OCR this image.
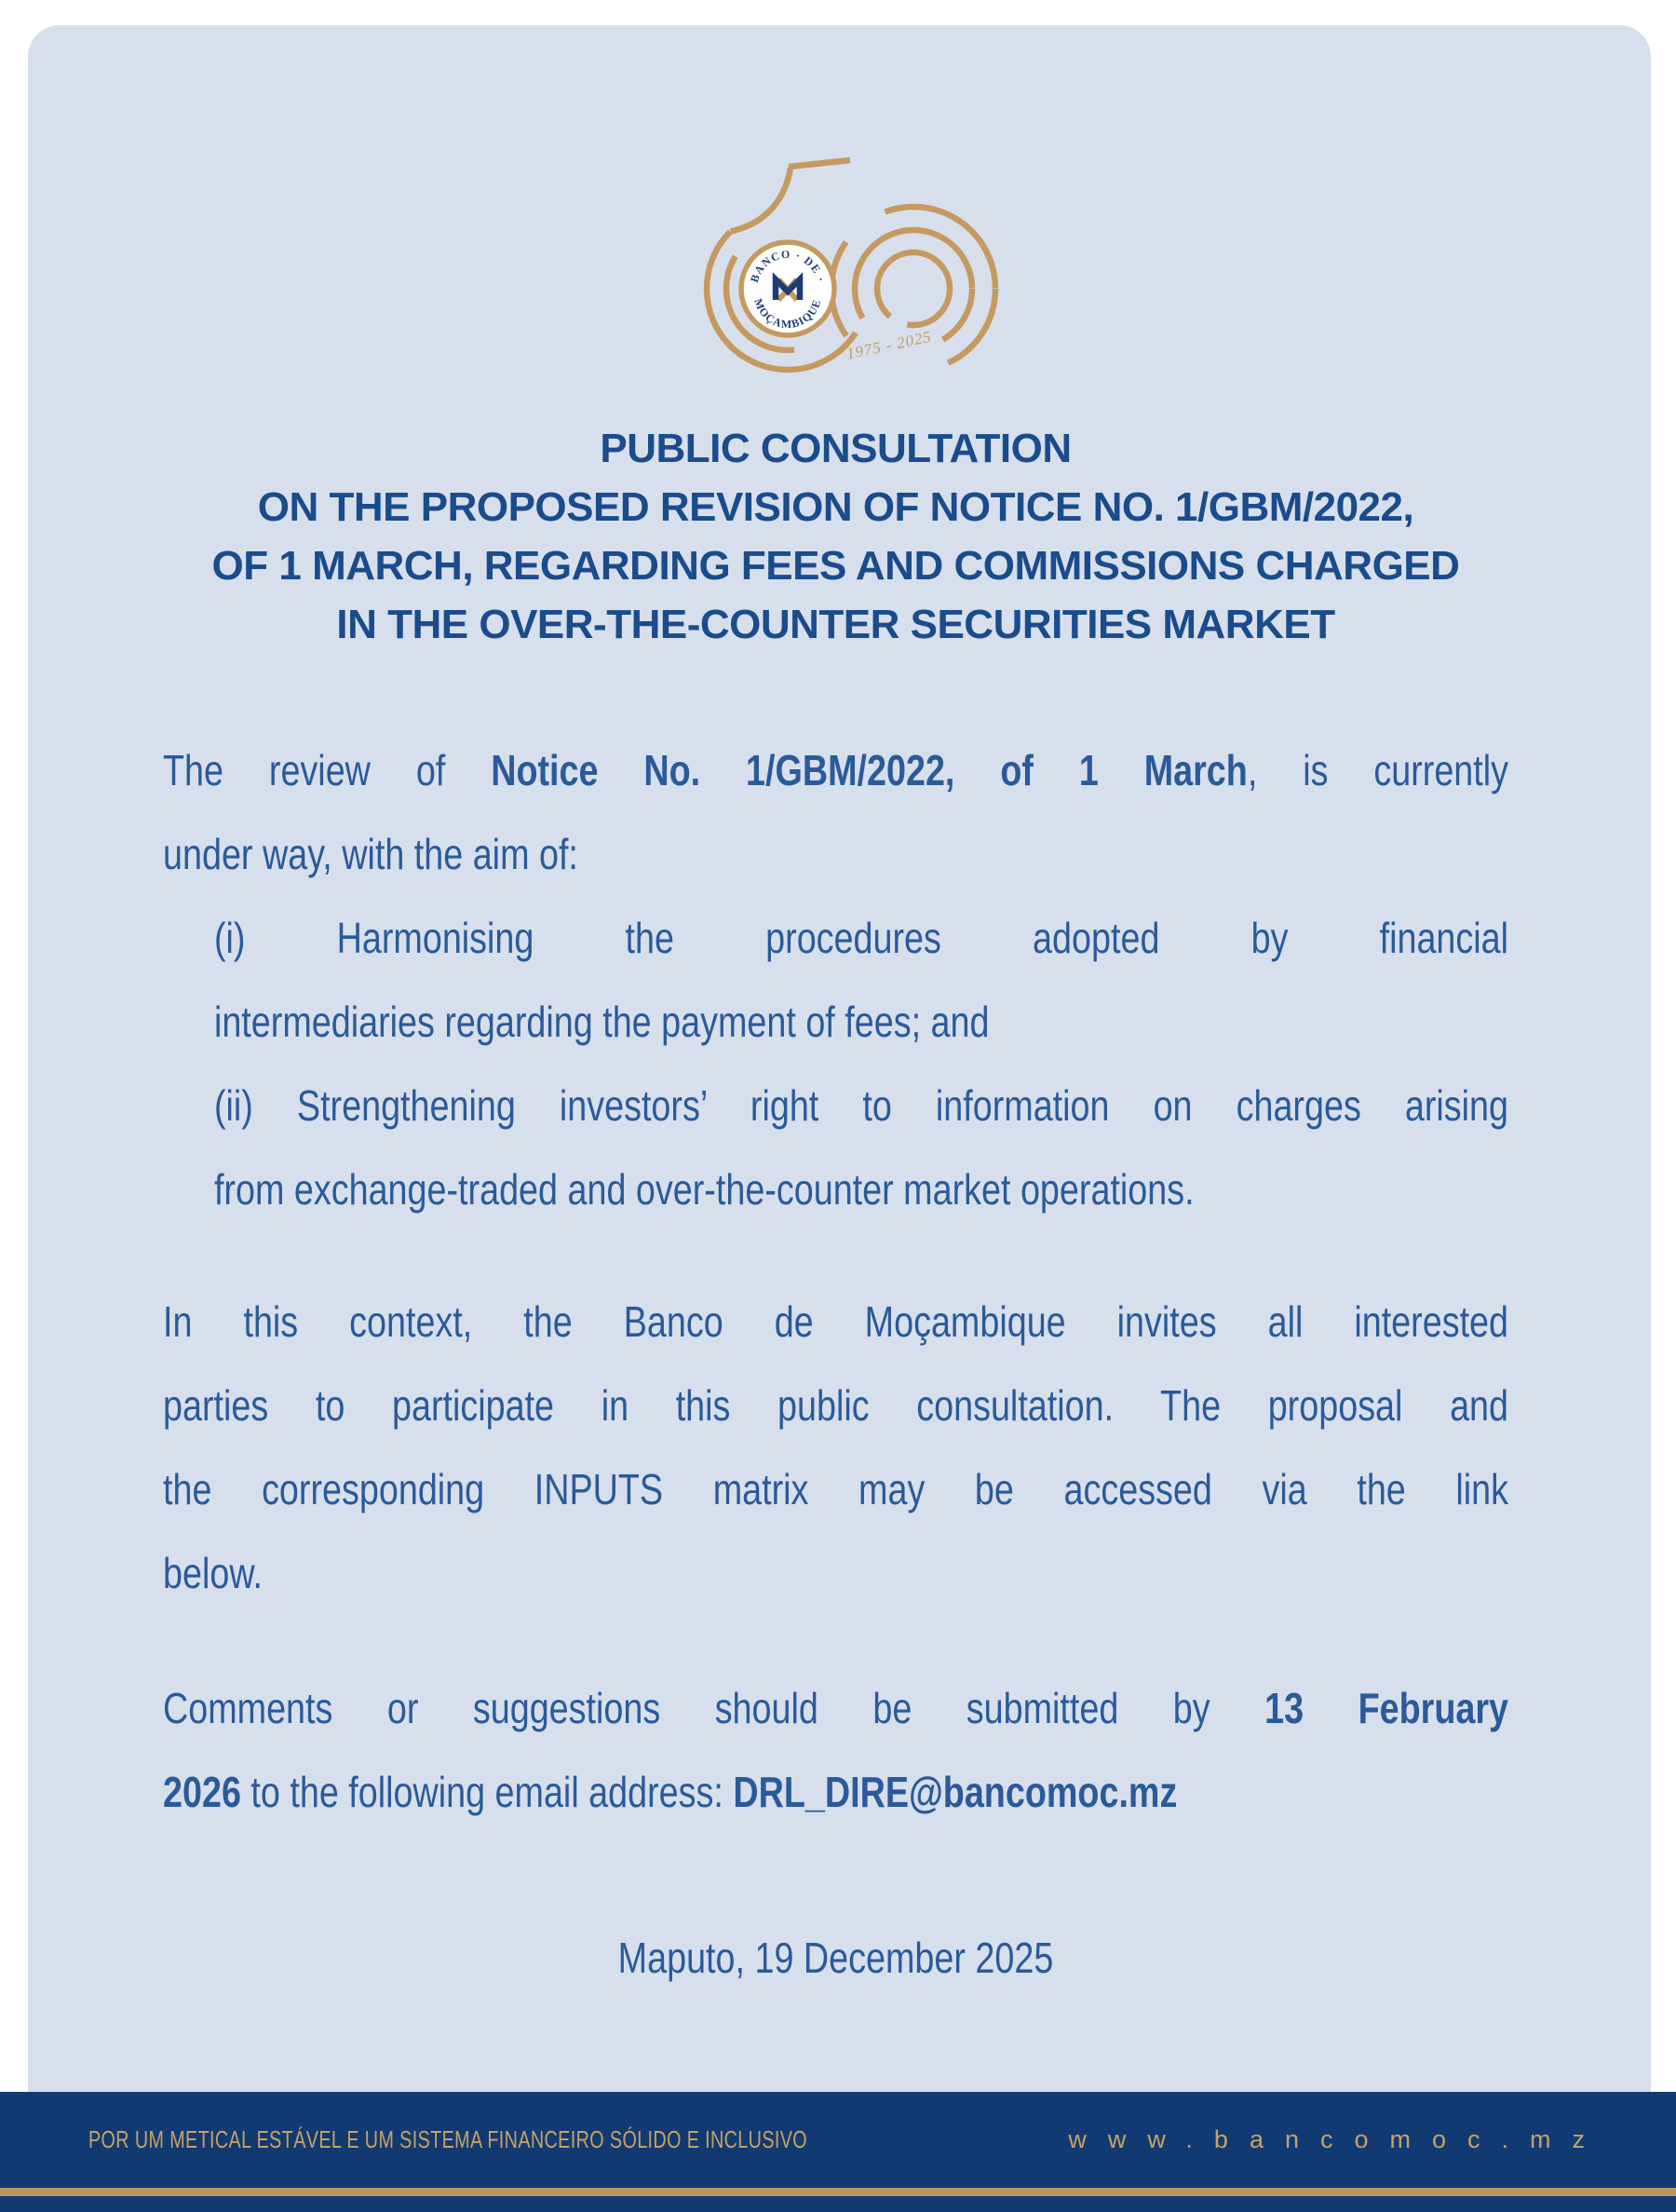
BANCO · DE ·
MOÇAMBIQUE
1975 - 2025
PUBLIC CONSULTATION
ON THE PROPOSED REVISION OF NOTICE NO. 1/GBM/2022,
OF 1 MARCH, REGARDING FEES AND COMMISSIONS CHARGED
IN THE OVER-THE-COUNTER SECURITIES MARKET
The review of Notice No. 1/GBM/2022, of 1 March, is currently
under way, with the aim of:
(i) Harmonising the procedures adopted by financial
intermediaries regarding the payment of fees; and
(ii) Strengthening investors’ right to information on charges arising
from exchange-traded and over-the-counter market operations.
In this context, the Banco de Moçambique invites all interested
parties to participate in this public consultation. The proposal and
the corresponding INPUTS matrix may be accessed via the link
below.
Comments or suggestions should be submitted by 13 February
2026 to the following email address: DRL_DIRE@bancomoc.mz
Maputo, 19 December 2025
POR UM METICAL ESTÁVEL E UM SISTEMA FINANCEIRO SÓLIDO E INCLUSIVO	www.bancomoc.mz
